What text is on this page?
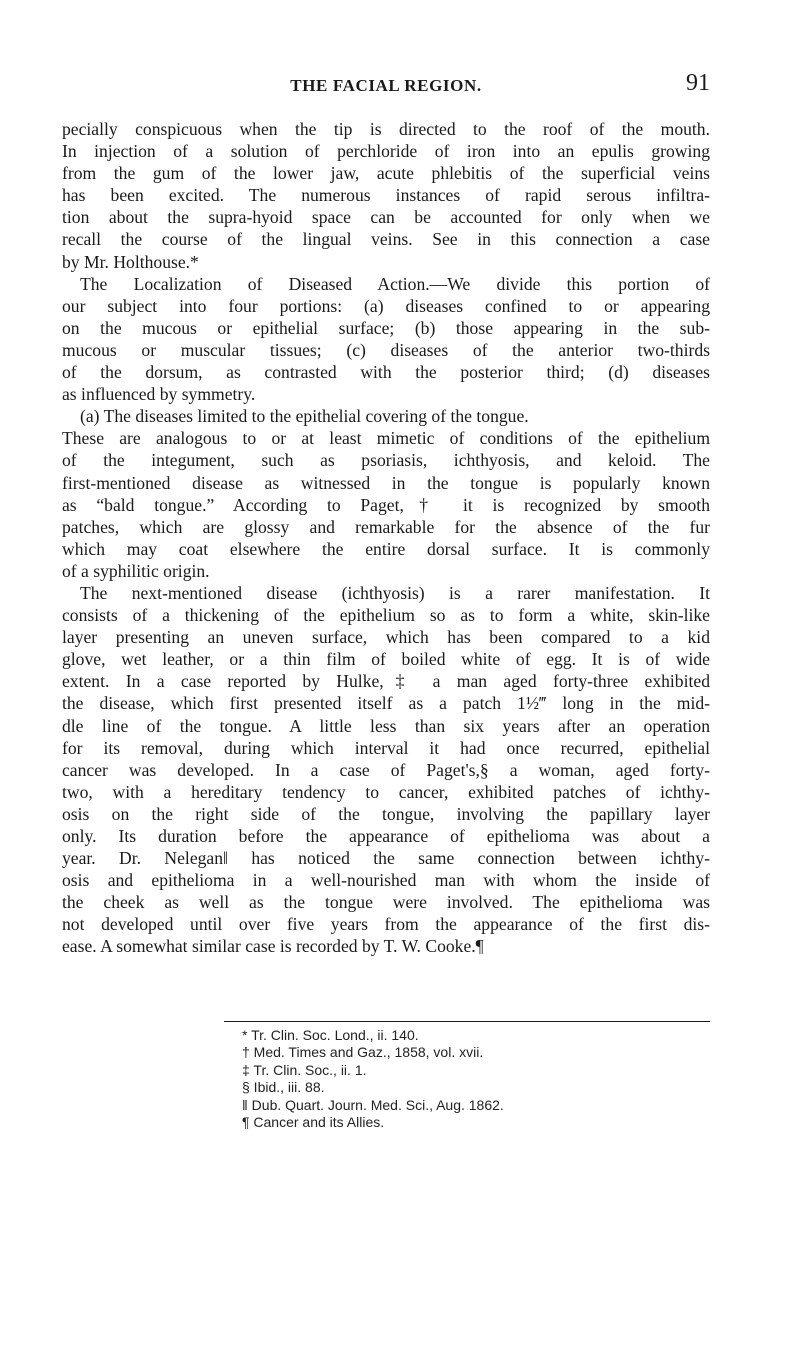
THE FACIAL REGION.	91
pecially conspicuous when the tip is directed to the roof of the mouth.
In injection of a solution of perchloride of iron into an epulis growing
from the gum of the lower jaw, acute phlebitis of the superficial veins
has been excited. The numerous instances of rapid serous infiltra-
tion about the supra-hyoid space can be accounted for only when we
recall the course of the lingual veins. See in this connection a case
by Mr. Holthouse.*
The Localization of Diseased Action.—We divide this portion of
our subject into four portions: (a) diseases confined to or appearing
on the mucous or epithelial surface; (b) those appearing in the sub-
mucous or muscular tissues; (c) diseases of the anterior two-thirds
of the dorsum, as contrasted with the posterior third; (d) diseases
as influenced by symmetry.
(a) The diseases limited to the epithelial covering of the tongue.
These are analogous to or at least mimetic of conditions of the epithelium
of the integument, such as psoriasis, ichthyosis, and keloid. The
first-mentioned disease as witnessed in the tongue is popularly known
as “bald tongue.” According to Paget,† it is recognized by smooth
patches, which are glossy and remarkable for the absence of the fur
which may coat elsewhere the entire dorsal surface. It is commonly
of a syphilitic origin.
The next-mentioned disease (ichthyosis) is a rarer manifestation. It
consists of a thickening of the epithelium so as to form a white, skin-like
layer presenting an uneven surface, which has been compared to a kid
glove, wet leather, or a thin film of boiled white of egg. It is of wide
extent. In a case reported by Hulke,‡ a man aged forty-three exhibited
the disease, which first presented itself as a patch 1½‴ long in the mid-
dle line of the tongue. A little less than six years after an operation
for its removal, during which interval it had once recurred, epithelial
cancer was developed. In a case of Paget's,§ a woman, aged forty-
two, with a hereditary tendency to cancer, exhibited patches of ichthy-
osis on the right side of the tongue, involving the papillary layer
only. Its duration before the appearance of epithelioma was about a
year. Dr. Nelegan‖ has noticed the same connection between ichthy-
osis and epithelioma in a well-nourished man with whom the inside of
the cheek as well as the tongue were involved. The epithelioma was
not developed until over five years from the appearance of the first dis-
ease. A somewhat similar case is recorded by T. W. Cooke.¶
* Tr. Clin. Soc. Lond., ii. 140.
† Med. Times and Gaz., 1858, vol. xvii.
‡ Tr. Clin. Soc., ii. 1.
§ Ibid., iii. 88.
‖ Dub. Quart. Journ. Med. Sci., Aug. 1862.
¶ Cancer and its Allies.
